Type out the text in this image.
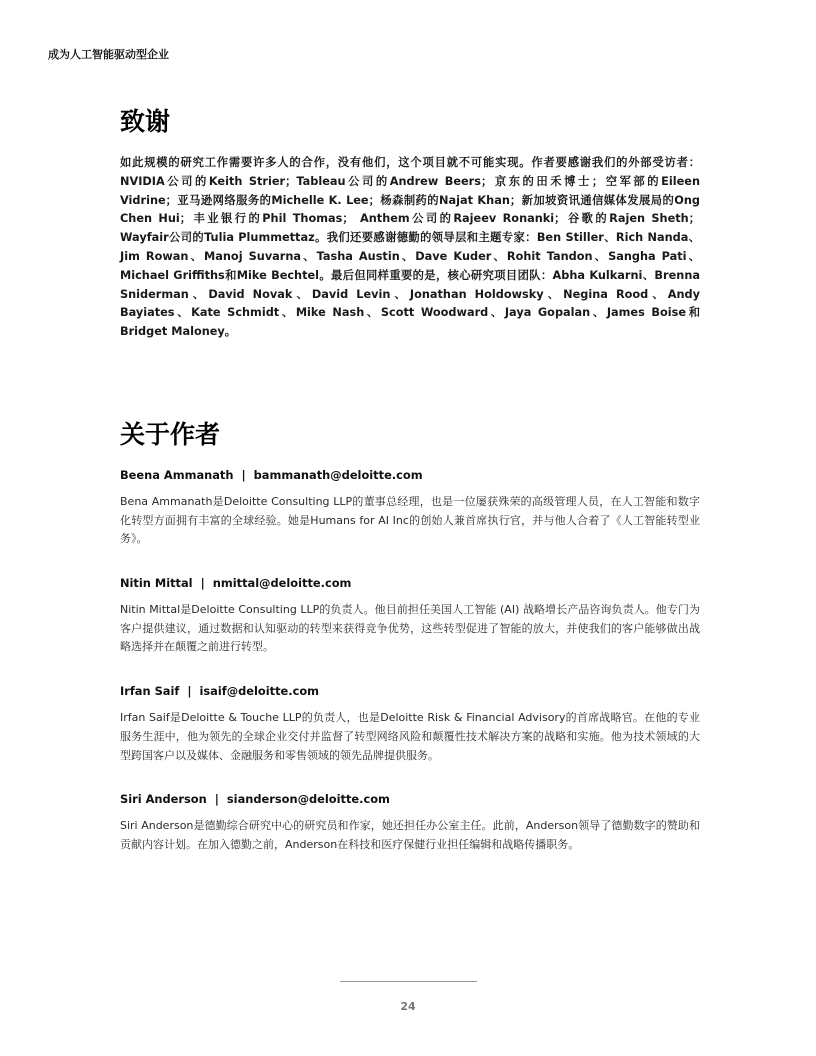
成为人工智能驱动型企业
致谢

如此规模的研究工作需要许多人的合作，没有他们，这个项目就不可能实现。作者要感谢我们的外部受访者：NVIDIA公司的Keith Strier；Tableau公司的Andrew Beers；京东的田禾博士；空军部的Eileen Vidrine；亚马逊网络服务的Michelle K. Lee；杨森制药的Najat Khan；新加坡资讯通信媒体发展局的Ong Chen Hui；丰业银行的Phil Thomas； Anthem公司的Rajeev Ronanki；谷歌的Rajen Sheth；Wayfair公司的Tulia Plummettaz。我们还要感谢德勤的领导层和主题专家：Ben Stiller、Rich Nanda、Jim Rowan、Manoj Suvarna、Tasha Austin、Dave Kuder、Rohit Tandon、Sangha Pati、Michael Griffiths和Mike Bechtel。最后但同样重要的是，核心研究项目团队：Abha Kulkarni、Brenna Sniderman、David Novak、David Levin、Jonathan Holdowsky、Negina Rood、Andy Bayiates、Kate Schmidt、Mike Nash、Scott Woodward、Jaya Gopalan、James Boise和Bridget Maloney。

关于作者
Beena Ammanath | bammanath@deloitte.com

Bena Ammanath是Deloitte Consulting LLP的董事总经理，也是一位屡获殊荣的高级管理人员，在人工智能和数字化转型方面拥有丰富的全球经验。她是Humans for AI Inc的创始人兼首席执行官，并与他人合着了《人工智能转型业务》。

Nitin Mittal | nmittal@deloitte.com

Nitin Mittal是Deloitte Consulting LLP的负责人。他目前担任美国人工智能 (AI) 战略增长产品咨询负责人。他专门为客户提供建议，通过数据和认知驱动的转型来获得竞争优势，这些转型促进了智能的放大，并使我们的客户能够做出战略选择并在颠覆之前进行转型。

Irfan Saif | isaif@deloitte.com

Irfan Saif是Deloitte & Touche LLP的负责人，也是Deloitte Risk & Financial Advisory的首席战略官。在他的专业服务生涯中，他为领先的全球企业交付并监督了转型网络风险和颠覆性技术解决方案的战略和实施。他为技术领域的大型跨国客户以及媒体、金融服务和零售领域的领先品牌提供服务。

Siri Anderson | sianderson@deloitte.com

Siri Anderson是德勤综合研究中心的研究员和作家，她还担任办公室主任。此前，Anderson领导了德勤数字的赞助和贡献内容计划。在加入德勤之前，Anderson在科技和医疗保健行业担任编辑和战略传播职务。

24
